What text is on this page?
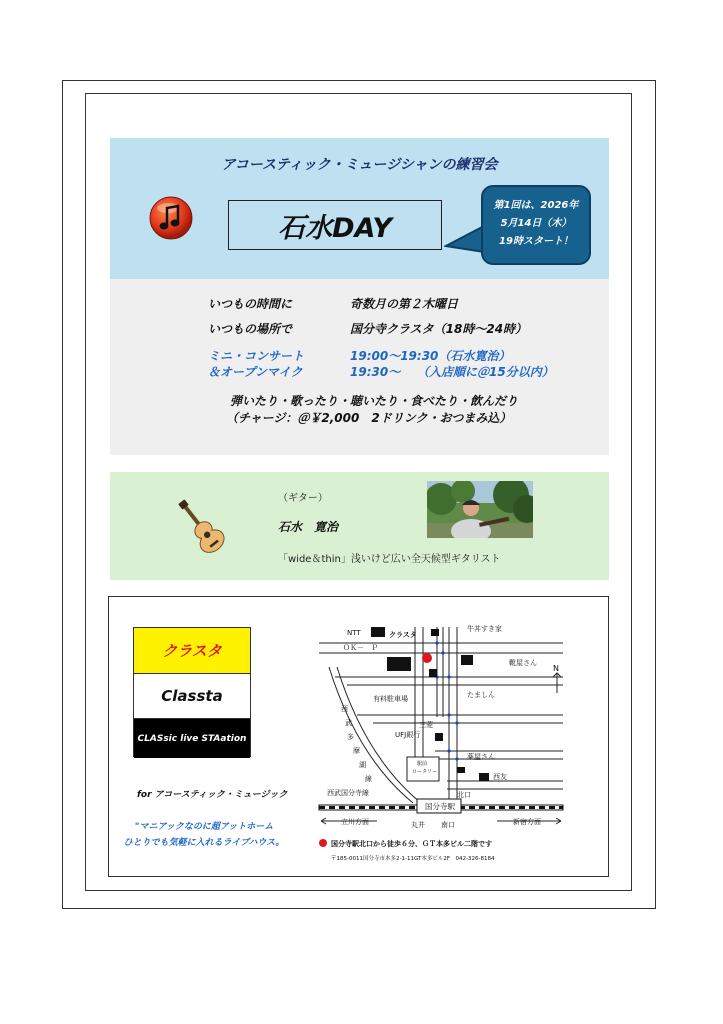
アコースティック・ミュージシャンの練習会
石水DAY
第1回は、2026年
5月14日（木）
19時スタート！
いつもの時間に	奇数月の第２木曜日
いつもの場所で	国分寺クラスタ（18時～24時）
ミニ・コンサート	19:00～19:30（石水寛治）
＆オープンマイク	19:30～ （入店順に＠15分以内）
弾いたり・歌ったり・聴いたり・食べたり・飲んだり
（チャージ：＠￥2,000　2ドリンク・おつまみ込）
（ギター）
石水　寛治
「wide＆thin」浅いけど広い全天候型ギタリスト
クラスタ
Classta
CLASsic live STAation
for アコースティック・ミュージック
"マニアックなのに超アットホーム
ひとりでも気軽に入れるライブハウス。
NTT	クラスタ
牛丼すき家
ＯＫ－　Ｐ
靴屋さん
有料駐車場	たましん
N
三菱
UFJ銀行
駅前
ロータリー
薬屋さん
西友
西
武
多
摩
湖
線
西武国分寺線	北口
国分寺駅
立川方面	丸井 南口	新宿方面
国分寺駅北口から徒歩６分、ＧＴ本多ビル二階です
〒185-0011国分寺市本多2-1-11GT本多ビル2F　042-326-8184
